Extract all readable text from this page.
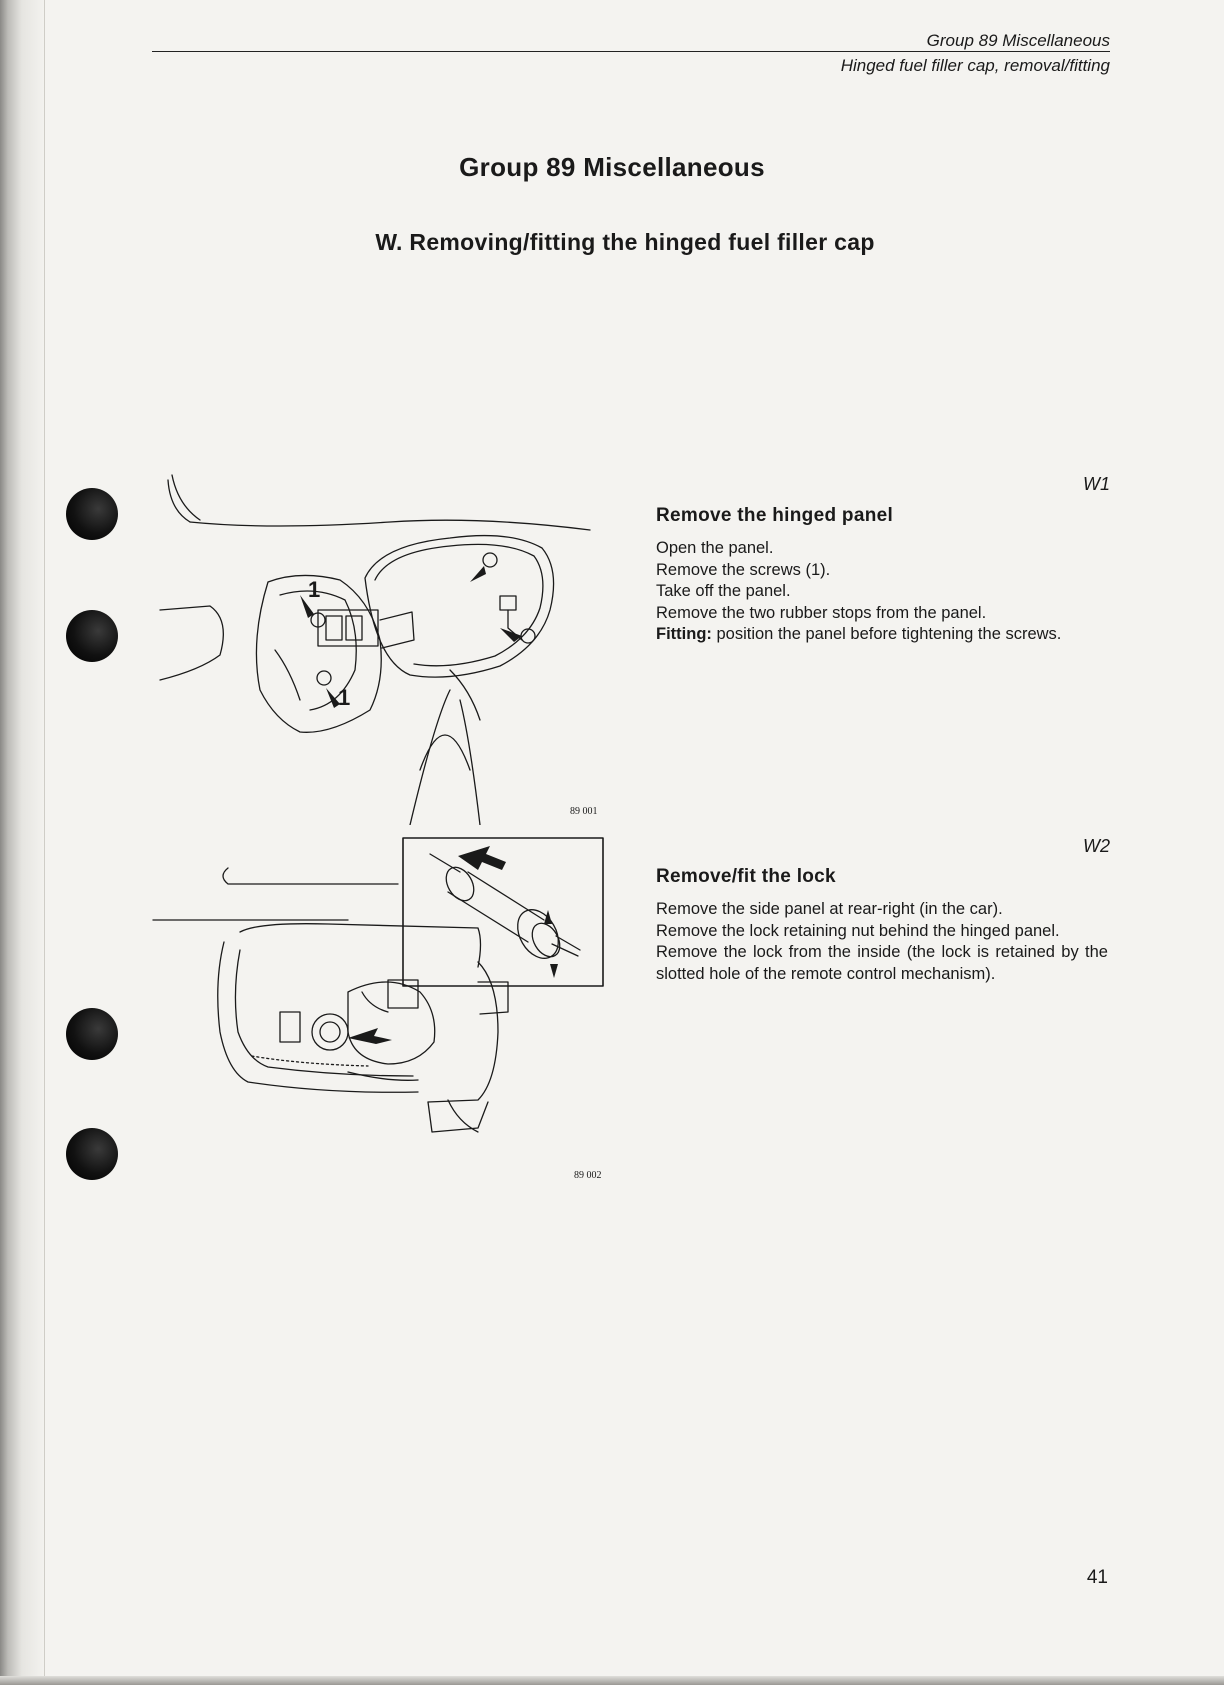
Group 89 Miscellaneous
Hinged fuel filler cap, removal/fitting
Group 89 Miscellaneous
W. Removing/fitting the hinged fuel filler cap
1
1
89 001
89 002
W1
Remove the hinged panel
Open the panel.
Remove the screws (1).
Take off the panel.
Remove the two rubber stops from the panel.
Fitting: position the panel before tightening the screws.
W2
Remove/fit the lock
Remove the side panel at rear-right (in the car).
Remove the lock retaining nut behind the hinged panel.
Remove the lock from the inside (the lock is retained by the slotted hole of the remote control mechanism).
41
